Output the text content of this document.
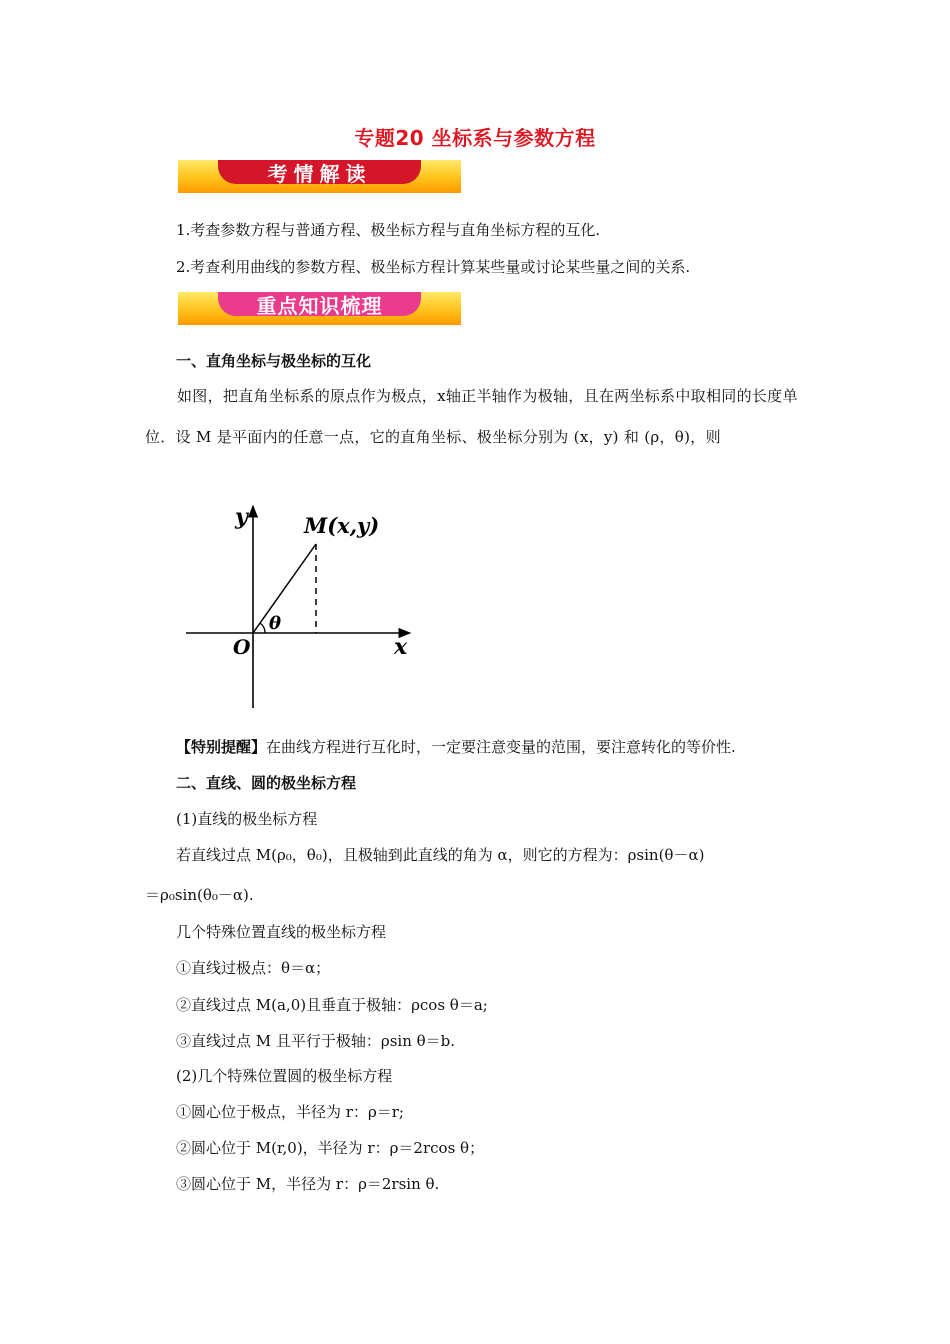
专题20 坐标系与参数方程
考情解读
1.考查参数方程与普通方程、极坐标方程与直角坐标方程的互化.
2.考查利用曲线的参数方程、极坐标方程计算某些量或讨论某些量之间的关系.
重点知识梳理
一、直角坐标与极坐标的互化
如图，把直角坐标系的原点作为极点，x轴正半轴作为极轴，且在两坐标系中取相同的长度单位．设 M 是平面内的任意一点，它的直角坐标、极坐标分别为 (x，y) 和 (ρ，θ)，则
y
x
O
M(x,y)
θ
【特别提醒】在曲线方程进行互化时，一定要注意变量的范围，要注意转化的等价性.
二、直线、圆的极坐标方程
(1)直线的极坐标方程
若直线过点 M(ρ₀，θ₀)，且极轴到此直线的角为 α，则它的方程为：ρsin(θ－α)
＝ρ₀sin(θ₀－α).
几个特殊位置直线的极坐标方程
①直线过极点：θ＝α；
②直线过点 M(a,0)且垂直于极轴：ρcos θ＝a;
③直线过点 M 且平行于极轴：ρsin θ＝b.
(2)几个特殊位置圆的极坐标方程
①圆心位于极点，半径为 r：ρ＝r;
②圆心位于 M(r,0)，半径为 r：ρ＝2rcos θ；
③圆心位于 M，半径为 r：ρ＝2rsin θ.
